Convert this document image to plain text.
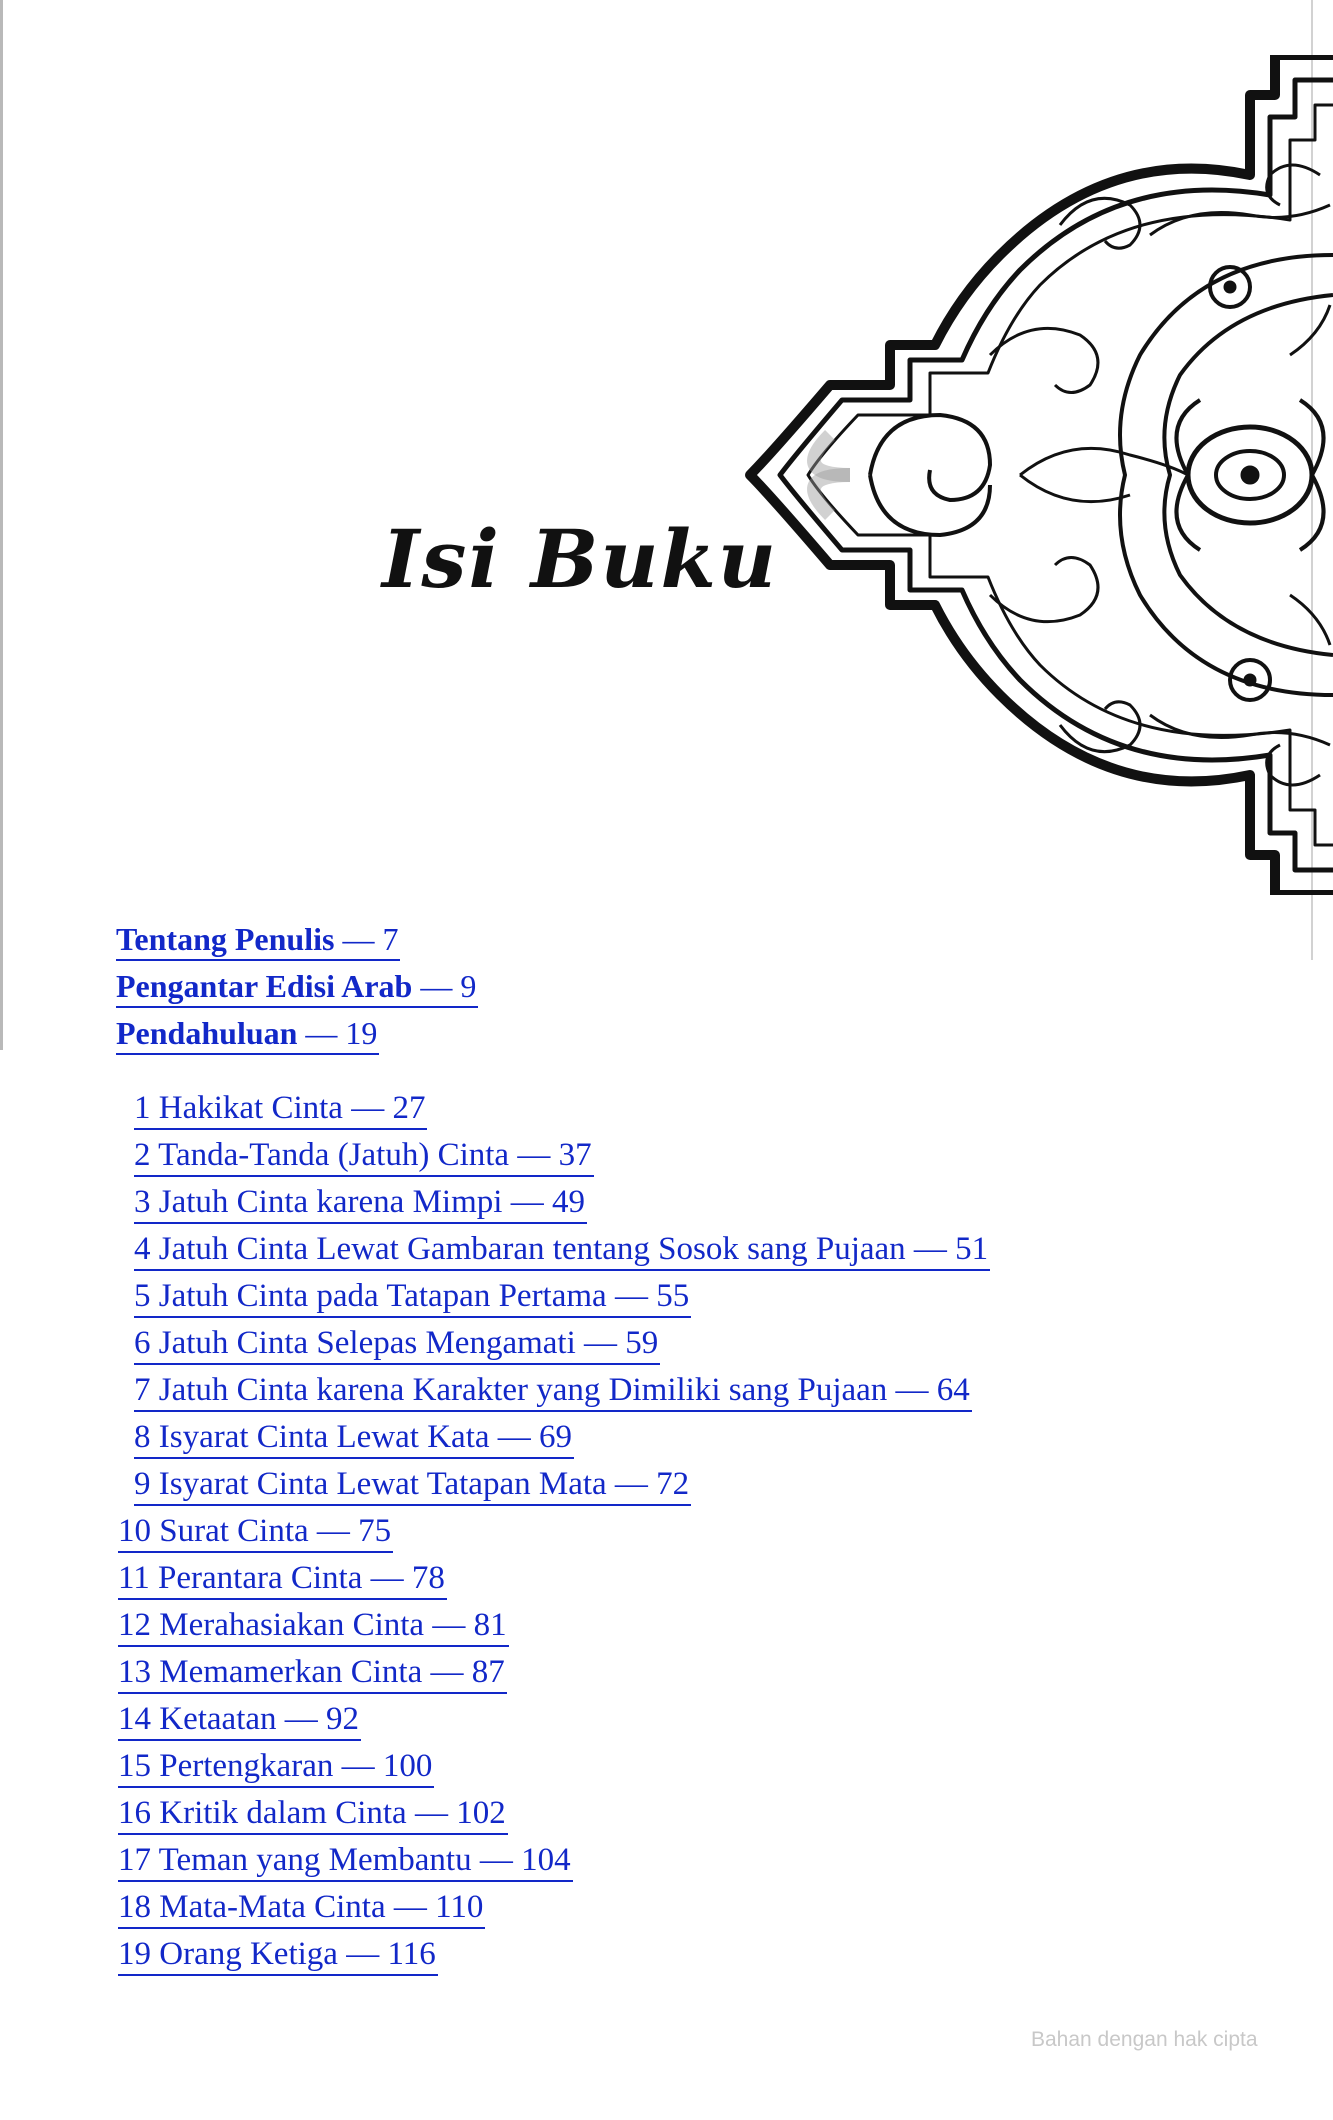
Isi Buku
Tentang Penulis — 7
Pengantar Edisi Arab — 9
Pendahuluan — 19
1 Hakikat Cinta — 27
2 Tanda-Tanda (Jatuh) Cinta — 37
3 Jatuh Cinta karena Mimpi — 49
4 Jatuh Cinta Lewat Gambaran tentang Sosok sang Pujaan — 51
5 Jatuh Cinta pada Tatapan Pertama — 55
6 Jatuh Cinta Selepas Mengamati — 59
7 Jatuh Cinta karena Karakter yang Dimiliki sang Pujaan — 64
8 Isyarat Cinta Lewat Kata — 69
9 Isyarat Cinta Lewat Tatapan Mata — 72
10 Surat Cinta — 75
11 Perantara Cinta — 78
12 Merahasiakan Cinta — 81
13 Memamerkan Cinta — 87
14 Ketaatan — 92
15 Pertengkaran — 100
16 Kritik dalam Cinta — 102
17 Teman yang Membantu — 104
18 Mata-Mata Cinta — 110
19 Orang Ketiga — 116
Bahan dengan hak cipta
